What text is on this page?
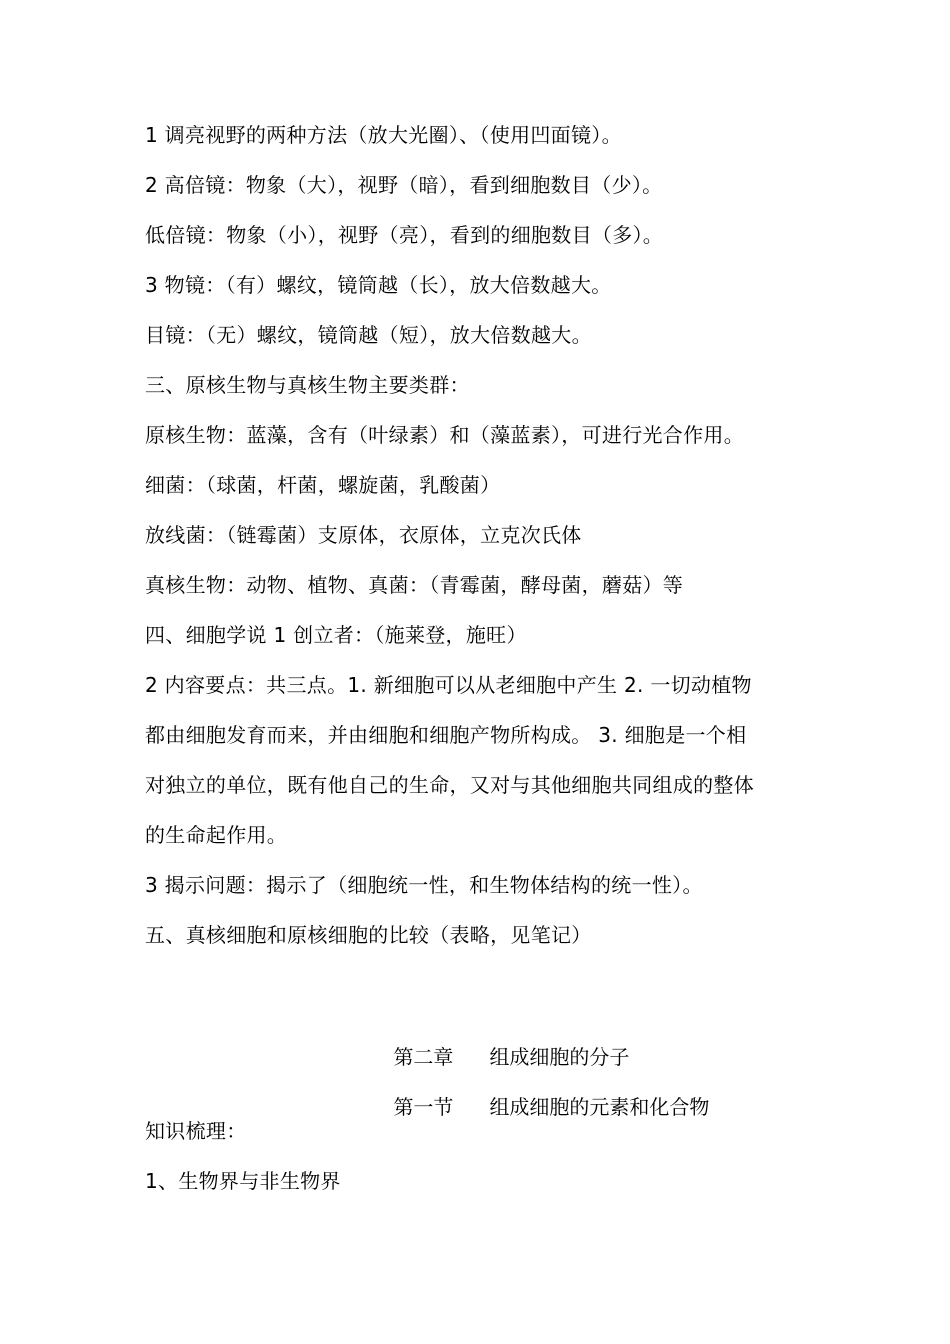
1 调亮视野的两种方法（放大光圈）、（使用凹面镜）。
2 高倍镜：物象（大），视野（暗），看到细胞数目（少）。
低倍镜：物象（小），视野（亮），看到的细胞数目（多）。
3 物镜：（有）螺纹，镜筒越（长），放大倍数越大。
目镜：（无）螺纹，镜筒越（短），放大倍数越大。
三、原核生物与真核生物主要类群：
原核生物：蓝藻，含有（叶绿素）和（藻蓝素），可进行光合作用。
细菌：（球菌，杆菌，螺旋菌，乳酸菌）
放线菌：（链霉菌）支原体，衣原体，立克次氏体
真核生物：动物、植物、真菌：（青霉菌，酵母菌，蘑菇）等
四、细胞学说 1 创立者：（施莱登，施旺）
2 内容要点：共三点。1. 新细胞可以从老细胞中产生 2. 一切动植物
都由细胞发育而来，并由细胞和细胞产物所构成。 3. 细胞是一个相
对独立的单位，既有他自己的生命，又对与其他细胞共同组成的整体
的生命起作用。
3 揭示问题：揭示了（细胞统一性，和生物体结构的统一性）。
五、真核细胞和原核细胞的比较（表略，见笔记）

第二章 组成细胞的分子

第一节 组成细胞的元素和化合物

知识梳理：
1、生物界与非生物界
